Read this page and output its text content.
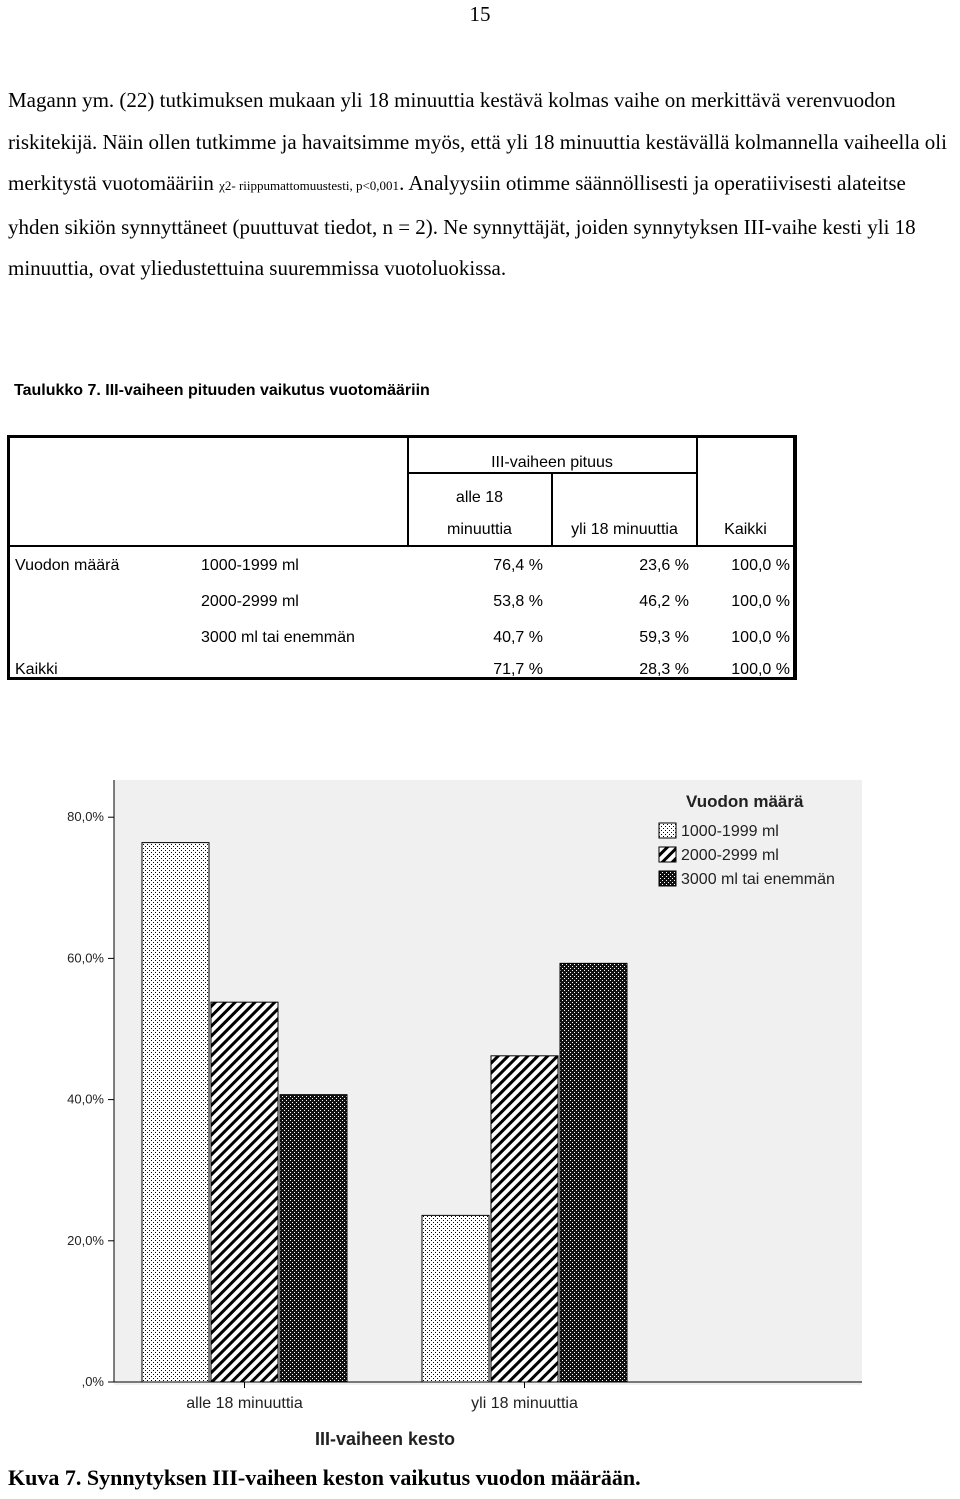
15

Magann ym. (22) tutkimuksen mukaan yli 18 minuuttia kestävä kolmas vaihe on merkittävä verenvuodon riskitekijä. Näin ollen tutkimme ja havaitsimme myös, että yli 18 minuuttia kestävällä kolmannella vaiheella oli merkitystä vuotomääriin χ2- riippumattomuustesti, p<0,001. Analyysiin otimme säännöllisesti ja operatiivisesti alateitse yhden sikiön synnyttäneet (puuttuvat tiedot, n = 2). Ne synnyttäjät, joiden synnytyksen III-vaihe kesti yli 18 minuuttia, ovat yliedustettuina suuremmissa vuotoluokissa.

Taulukko 7. III-vaiheen pituuden vaikutus vuotomääriin
III-vaiheen pituus
alle 18
minuuttia	yli 18 minuuttia	Kaikki
Vuodon määrä	1000-1999 ml	76,4 %	23,6 %	100,0 %
2000-2999 ml	53,8 %	46,2 %	100,0 %
3000 ml tai enemmän	40,7 %	59,3 %	100,0 %
Kaikki	71,7 %	28,3 %	100,0 %
,0%
20,0%
40,0%
60,0%
80,0%
alle 18 minuuttia	yli 18 minuuttia
1000-1999 ml
2000-2999 ml
3000 ml tai enemmän
Vuodon määrä
III-vaiheen kesto
Kuva 7. Synnytyksen III-vaiheen keston vaikutus vuodon määrään.
